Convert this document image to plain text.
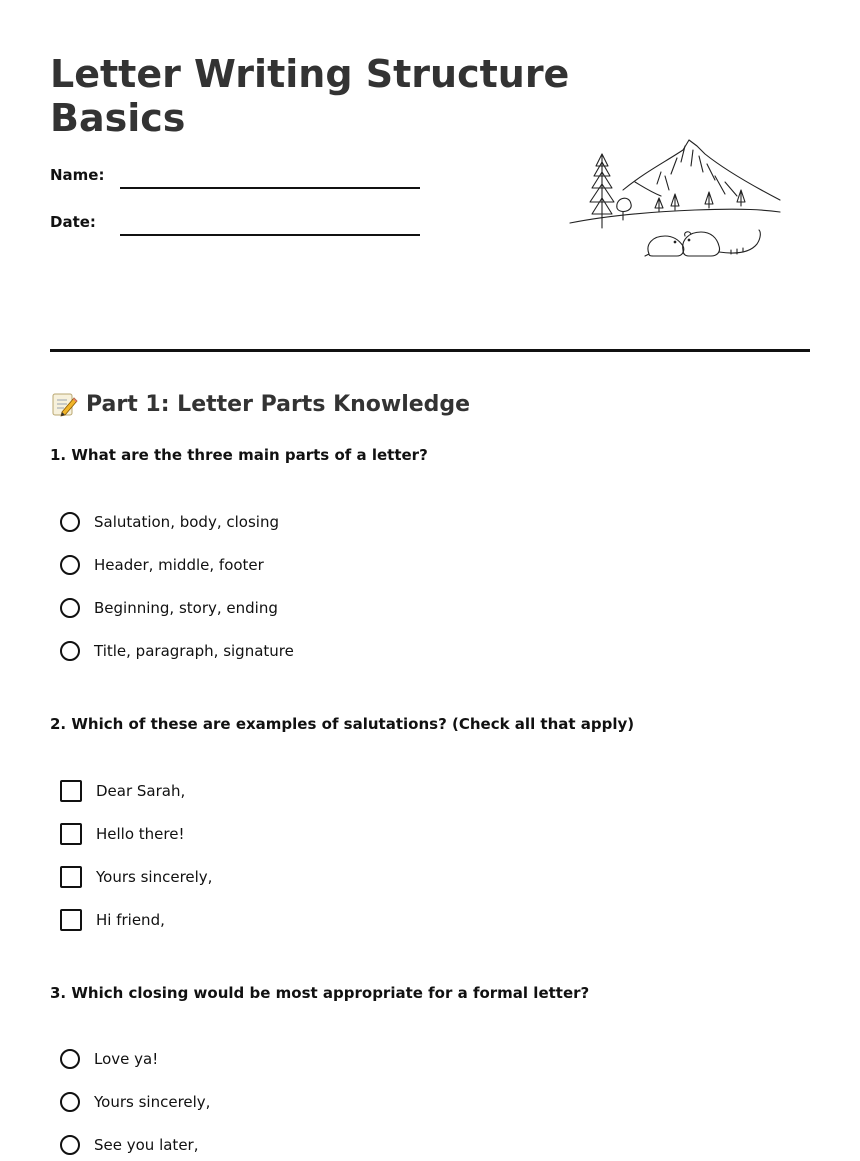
Letter Writing Structure Basics
Name:
Date:
Part 1: Letter Parts Knowledge
1. What are the three main parts of a letter?
Salutation, body, closing
Header, middle, footer
Beginning, story, ending
Title, paragraph, signature
2. Which of these are examples of salutations? (Check all that apply)
Dear Sarah,
Hello there!
Yours sincerely,
Hi friend,
3. Which closing would be most appropriate for a formal letter?
Love ya!
Yours sincerely,
See you later,
